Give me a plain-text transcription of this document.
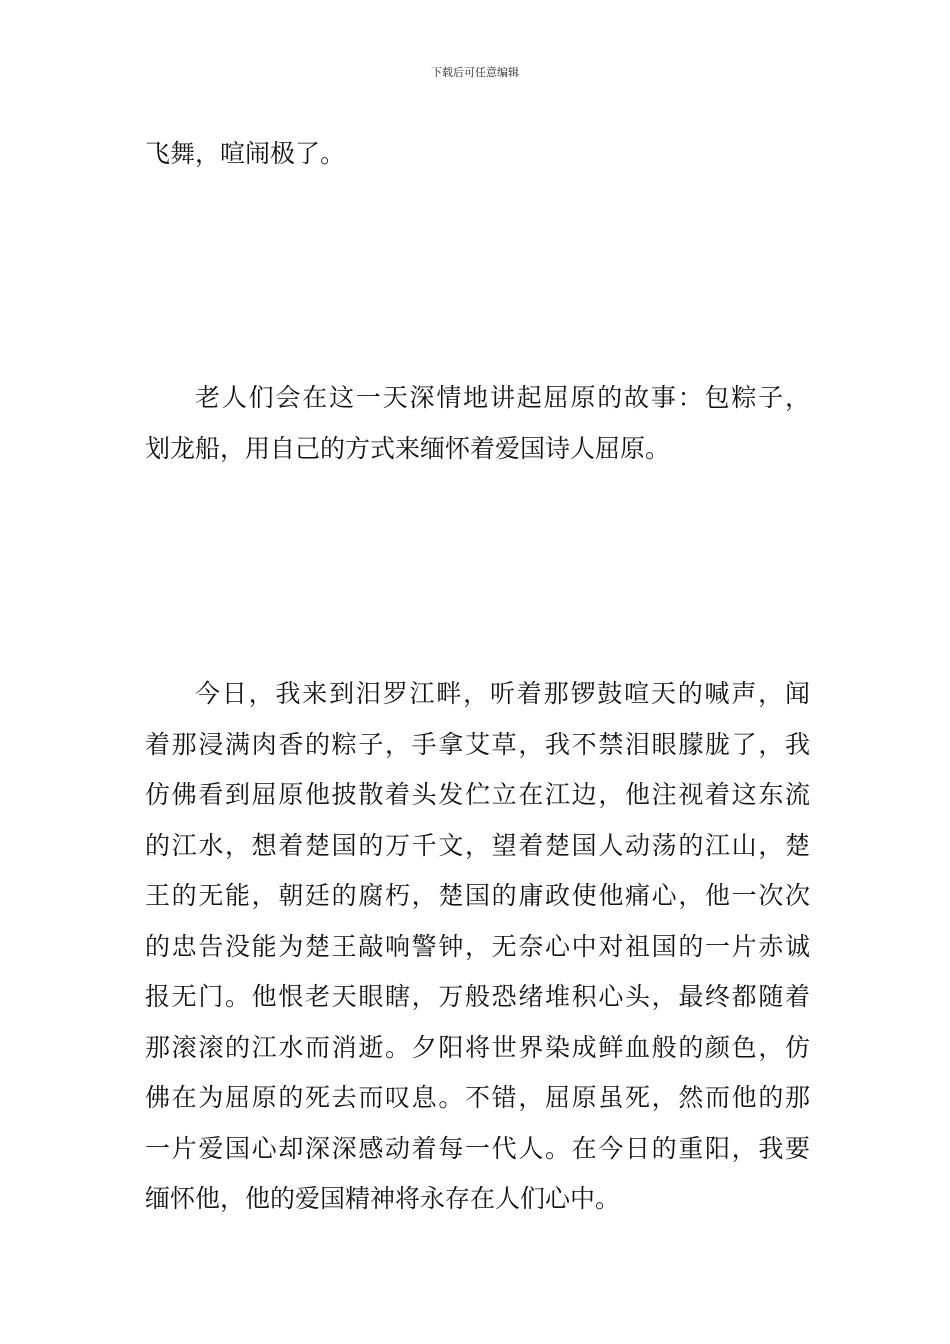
下载后可任意编辑
飞舞，喧闹极了。
老人们会在这一天深情地讲起屈原的故事：包粽子，
划龙船，用自己的方式来缅怀着爱国诗人屈原。
今日，我来到汨罗江畔，听着那锣鼓喧天的喊声，闻
着那浸满肉香的粽子，手拿艾草，我不禁泪眼朦胧了，我
仿佛看到屈原他披散着头发伫立在江边，他注视着这东流
的江水，想着楚国的万千文，望着楚国人动荡的江山，楚
王的无能，朝廷的腐朽，楚国的庸政使他痛心，他一次次
的忠告没能为楚王敲响警钟，无奈心中对祖国的一片赤诚
报无门。他恨老天眼瞎，万般恐绪堆积心头，最终都随着
那滚滚的江水而消逝。夕阳将世界染成鲜血般的颜色，仿
佛在为屈原的死去而叹息。不错，屈原虽死，然而他的那
一片爱国心却深深感动着每一代人。在今日的重阳，我要
缅怀他，他的爱国精神将永存在人们心中。
